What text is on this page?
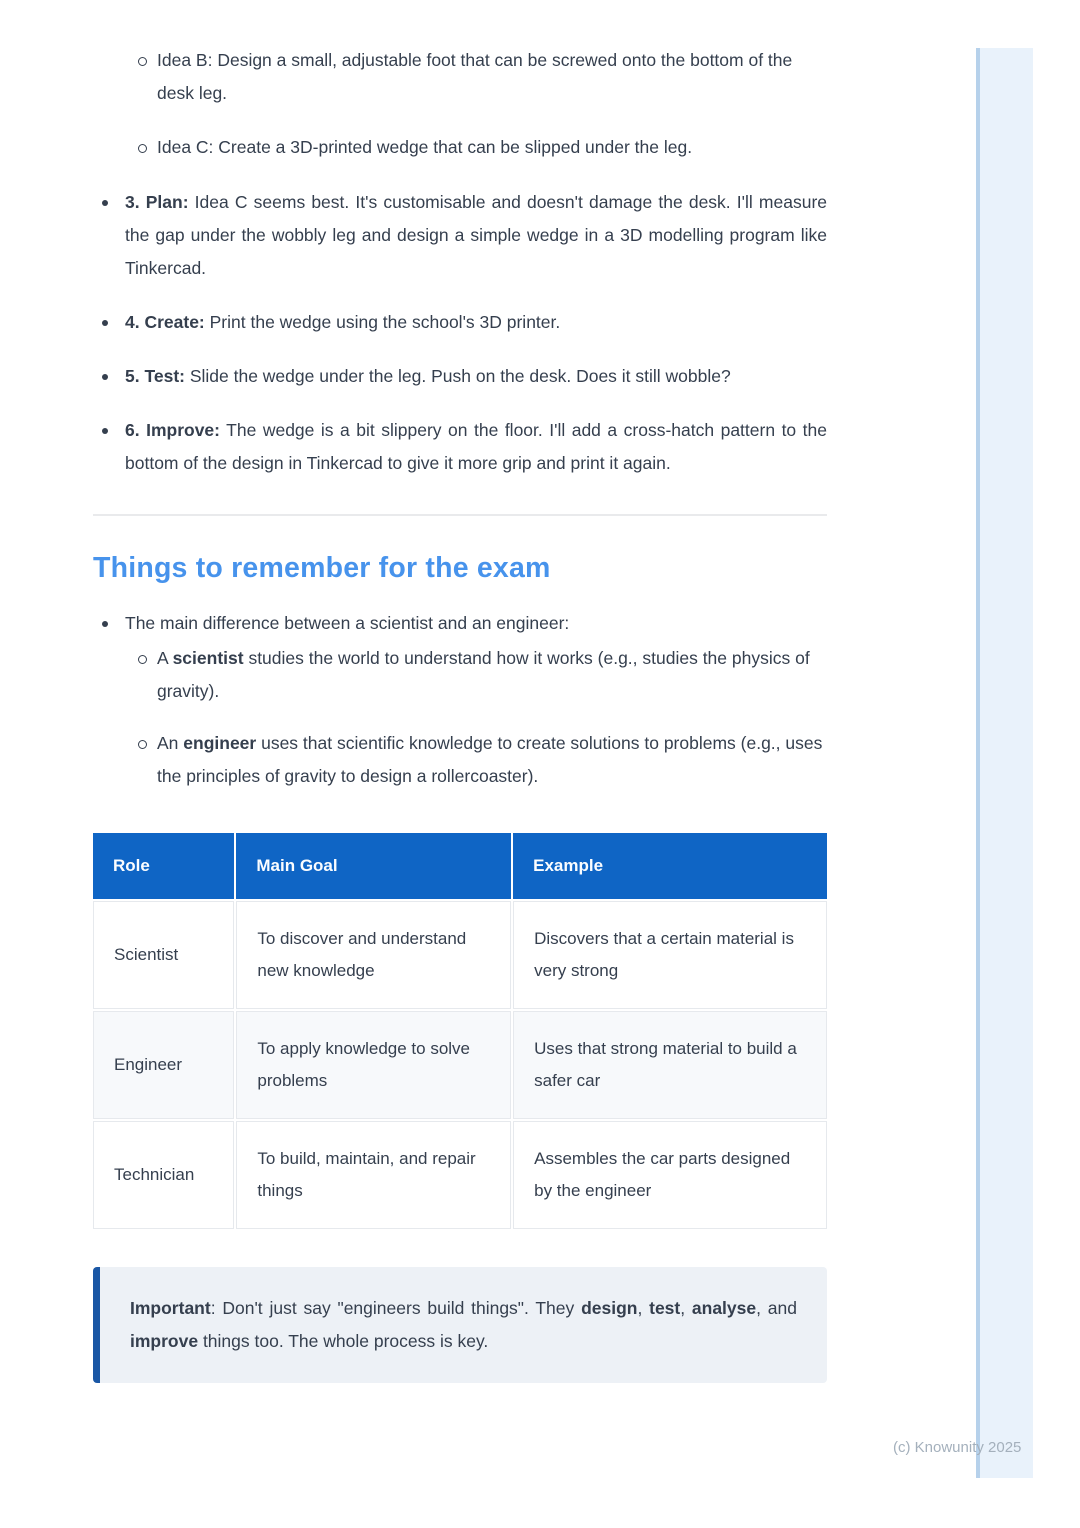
(c) Knowunity 2025
Idea B: Design a small, adjustable foot that can be screwed onto the bottom of the desk leg.
Idea C: Create a 3D-printed wedge that can be slipped under the leg.
3. Plan: Idea C seems best. It's customisable and doesn't damage the desk. I'll measure the gap under the wobbly leg and design a simple wedge in a 3D modelling program like Tinkercad.
4. Create: Print the wedge using the school's 3D printer.
5. Test: Slide the wedge under the leg. Push on the desk. Does it still wobble?
6. Improve: The wedge is a bit slippery on the floor. I'll add a cross-hatch pattern to the bottom of the design in Tinkercad to give it more grip and print it again.
Things to remember for the exam
The main difference between a scientist and an engineer:
A scientist studies the world to understand how it works (e.g., studies the physics of gravity).
An engineer uses that scientific knowledge to create solutions to problems (e.g., uses the principles of gravity to design a rollercoaster).
Role	Main Goal	Example
Scientist	To discover and understand new knowledge	Discovers that a certain material is very strong
Engineer	To apply knowledge to solve problems	Uses that strong material to build a safer car
Technician	To build, maintain, and repair things	Assembles the car parts designed by the engineer
Important: Don't just say "engineers build things". They design, test, analyse, and improve things too. The whole process is key.
